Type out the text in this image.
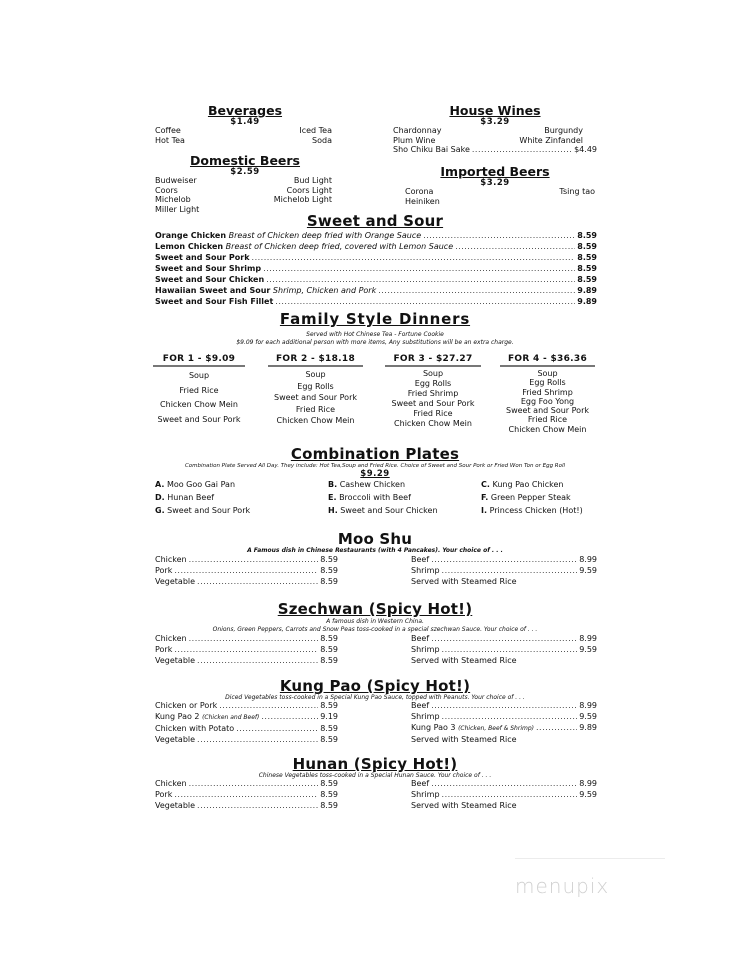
Beverages
$1.49
Coffee	Iced Tea
Hot Tea	Soda
Domestic Beers
$2.59
Budweiser	Bud Light
Coors	Coors Light
Michelob	Michelob Light
Miller Light
House Wines
$3.29
Chardonnay	Burgundy
Plum Wine	White Zinfandel
Sho Chiku Bai Sake .....	$4.49
Imported Beers
$3.29
Corona	Tsing tao
Heiniken
Sweet and Sour
Orange Chicken
Breast of Chicken deep fried with Orange Sauce .....	8.59
Lemon Chicken
Breast of Chicken deep fried, covered with Lemon Sauce .....	8.59
Sweet and Sour Pork .....	8.59
Sweet and Sour Shrimp .....	8.59
Sweet and Sour Chicken .....	8.59
Hawaiian Sweet and Sour
Shrimp, Chicken and Pork .....	9.89
Sweet and Sour Fish Fillet .....	9.89
Family Style Dinners
Served with Hot Chinese Tea - Fortune Cookie
$9.09 for each additional person with more items, Any substitutions will be an extra charge.
FOR 1 - $9.09
Soup
Fried Rice
Chicken Chow Mein
Sweet and Sour Pork
FOR 2 - $18.18
Soup
Egg Rolls
Sweet and Sour Pork
Fried Rice
Chicken Chow Mein
FOR 3 - $27.27
Soup
Egg Rolls
Fried Shrimp
Sweet and Sour Pork
Fried Rice
Chicken Chow Mein
FOR 4 - $36.36
Soup
Egg Rolls
Fried Shrimp
Egg Foo Yong
Sweet and Sour Pork
Fried Rice
Chicken Chow Mein
Combination Plates
Combination Plate Served All Day. They include: Hot Tea,Soup and Fried Rice. Choice of Sweet and Sour Pork or Fried Won Ton or Egg Roll
$9.29
A. Moo Goo Gai Pan	B. Cashew Chicken	C. Kung Pao Chicken
D. Hunan Beef	E. Broccoli with Beef	F. Green Pepper Steak
G. Sweet and Sour Pork	H. Sweet and Sour Chicken	I. Princess Chicken (Hot!)
Moo Shu
A Famous dish in Chinese Restaurants (with 4 Pancakes). Your choice of . . .
Chicken .....	8.59
Pork .....	8.59
Vegetable .....	8.59
Beef .....	8.99
Shrimp .....	9.59
Served with Steamed Rice
Szechwan (Spicy Hot!)
A famous dish in Western China.
Onions, Green Peppers, Carrots and Snow Peas toss-cooked in a special szechwan Sauce. Your choice of . . .
Chicken .....	8.59
Pork .....	8.59
Vegetable .....	8.59
Beef .....	8.99
Shrimp .....	9.59
Served with Steamed Rice
Kung Pao (Spicy Hot!)
Diced Vegetables toss-cooked in a Special Kung Pao Sauce, topped with Peanuts. Your choice of . . .
Chicken or Pork .....	8.59
Kung Pao 2
(Chicken and Beef) .....	9.19
Chicken with Potato .....	8.59
Vegetable .....	8.59
Beef .....	8.99
Shrimp .....	9.59
Kung Pao 3
(Chicken, Beef & Shrimp) .....	9.89
Served with Steamed Rice
Hunan (Spicy Hot!)
Chinese Vegetables toss-cooked in a Special Hunan Sauce. Your choice of . . .
Chicken .....	8.59
Pork .....	8.59
Vegetable .....	8.59
Beef .....	8.99
Shrimp .....	9.59
Served with Steamed Rice
menupix
